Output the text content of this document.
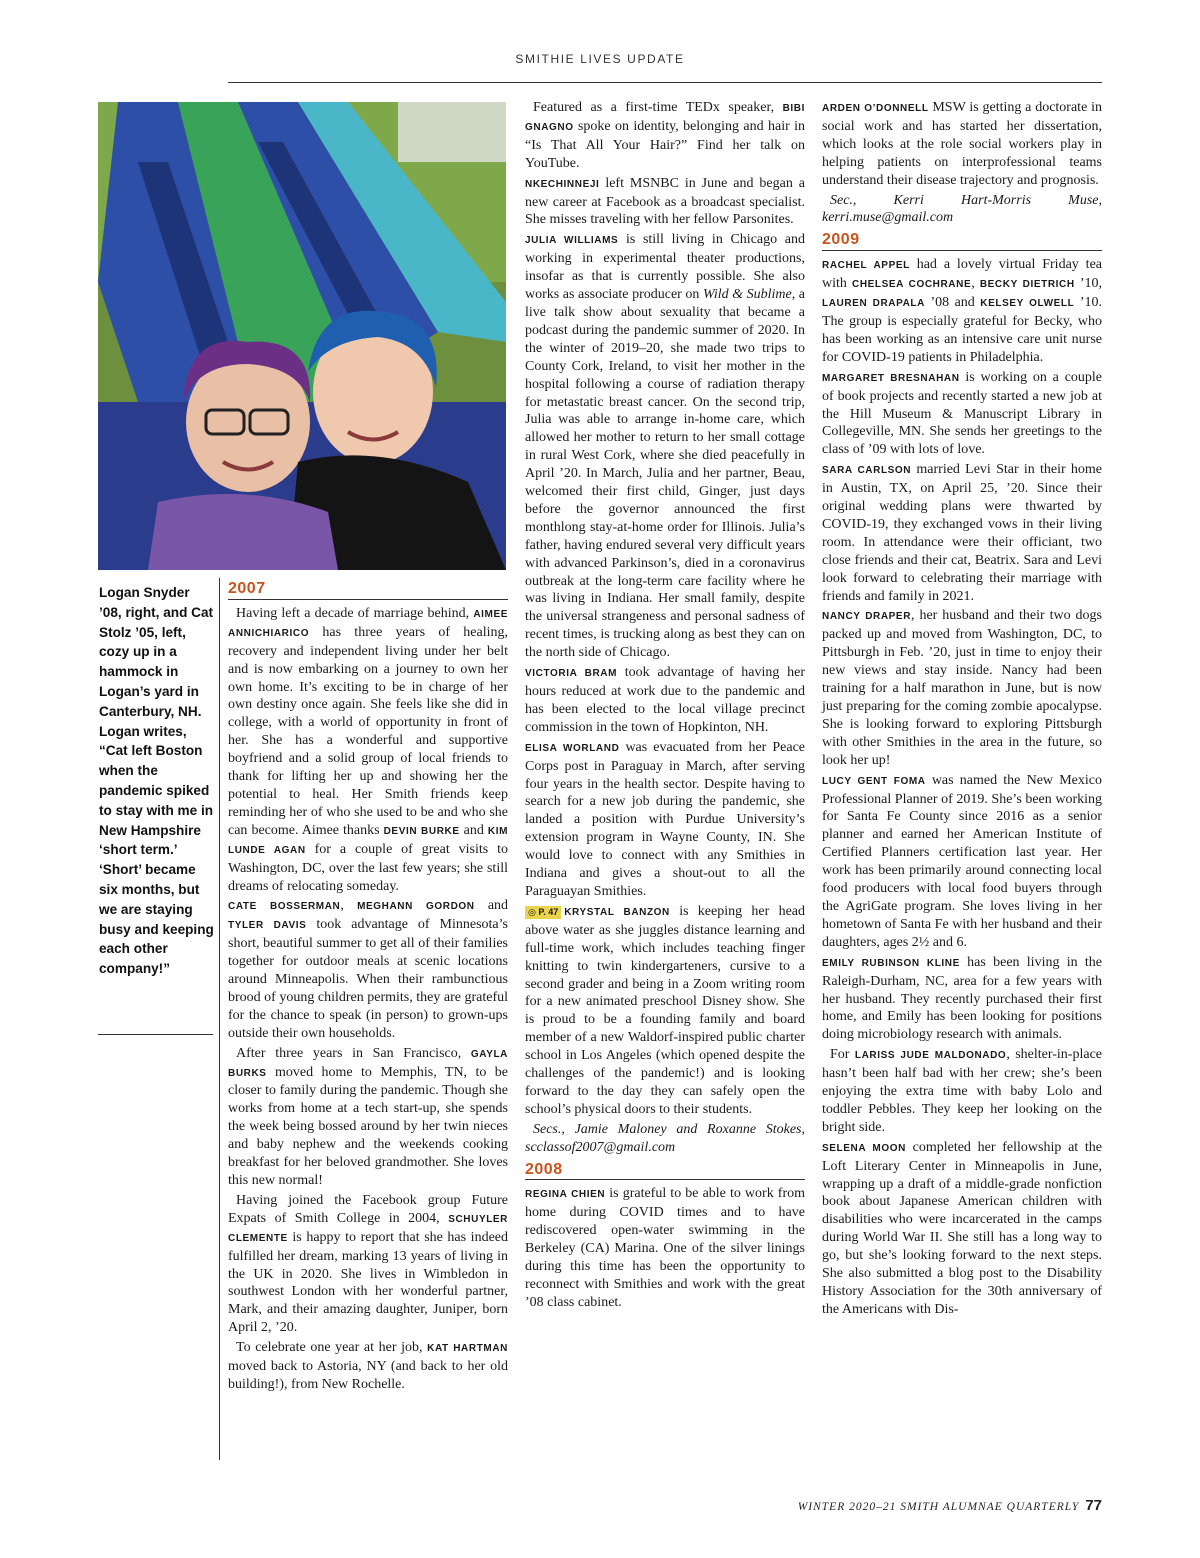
SMITHIE LIVES UPDATE
Logan Snyder ’08, right, and Cat Stolz ’05, left, cozy up in a hammock in Logan’s yard in Canterbury, NH. Logan writes, “Cat left Boston when the pandemic spiked to stay with me in New Hampshire ‘short term.’ ‘Short’ became six months, but we are staying busy and keeping each other company!”
2007

Having left a decade of marriage behind, AIMEE ANNICHIARICO has three years of healing, recovery and independent living under her belt and is now embarking on a journey to own her own home. It’s exciting to be in charge of her own destiny once again. She feels like she did in college, with a world of opportunity in front of her. She has a wonderful and supportive boyfriend and a solid group of local friends to thank for lifting her up and showing her the potential to heal. Her Smith friends keep reminding her of who she used to be and who she can become. Aimee thanks DEVIN BURKE and KIM LUNDE AGAN for a couple of great visits to Washington, DC, over the last few years; she still dreams of relocating someday.

CATE BOSSERMAN, MEGHANN GORDON and TYLER DAVIS took advantage of Minnesota’s short, beautiful summer to get all of their families together for outdoor meals at scenic locations around Minneapolis. When their rambunctious brood of young children permits, they are grateful for the chance to speak (in person) to grown-ups outside their own households.

After three years in San Francisco, GAYLA BURKS moved home to Memphis, TN, to be closer to family during the pandemic. Though she works from home at a tech start-up, she spends the week being bossed around by her twin nieces and baby nephew and the weekends cooking breakfast for her beloved grandmother. She loves this new normal!

Having joined the Facebook group Future Expats of Smith College in 2004, SCHUYLER CLEMENTE is happy to report that she has indeed fulfilled her dream, marking 13 years of living in the UK in 2020. She lives in Wimbledon in southwest London with her wonderful partner, Mark, and their amazing daughter, Juniper, born April 2, ’20.

To celebrate one year at her job, KAT HARTMAN moved back to Astoria, NY (and back to her old building!), from New Rochelle.

Featured as a first-time TEDx speaker, BIBI GNAGNO spoke on identity, belonging and hair in “Is That All Your Hair?” Find her talk on YouTube.

NKECHINNEJI left MSNBC in June and began a new career at Facebook as a broadcast specialist. She misses traveling with her fellow Parsonites.

JULIA WILLIAMS is still living in Chicago and working in experimental theater productions, insofar as that is currently possible. She also works as associate producer on Wild & Sublime, a live talk show about sexuality that became a podcast during the pandemic summer of 2020. In the winter of 2019–20, she made two trips to County Cork, Ireland, to visit her mother in the hospital following a course of radiation therapy for metastatic breast cancer. On the second trip, Julia was able to arrange in-home care, which allowed her mother to return to her small cottage in rural West Cork, where she died peacefully in April ’20. In March, Julia and her partner, Beau, welcomed their first child, Ginger, just days before the governor announced the first monthlong stay-at-home order for Illinois. Julia’s father, having endured several very difficult years with advanced Parkinson’s, died in a coronavirus outbreak at the long-term care facility where he was living in Indiana. Her small family, despite the universal strangeness and personal sadness of recent times, is trucking along as best they can on the north side of Chicago.

VICTORIA BRAM took advantage of having her hours reduced at work due to the pandemic and has been elected to the local village precinct commission in the town of Hopkinton, NH.

ELISA WORLAND was evacuated from her Peace Corps post in Paraguay in March, after serving four years in the health sector. Despite having to search for a new job during the pandemic, she landed a position with Purdue University’s extension program in Wayne County, IN. She would love to connect with any Smithies in Indiana and gives a shout-out to all the Paraguayan Smithies.

◎ P. 47 KRYSTAL BANZON is keeping her head above water as she juggles distance learning and full-time work, which includes teaching finger knitting to twin kindergarteners, cursive to a second grader and being in a Zoom writing room for a new animated preschool Disney show. She is proud to be a founding family and board member of a new Waldorf-inspired public charter school in Los Angeles (which opened despite the challenges of the pandemic!) and is looking forward to the day they can safely open the school’s physical doors to their students.

Secs., Jamie Maloney and Roxanne Stokes, scclassof2007@gmail.com

2008

REGINA CHIEN is grateful to be able to work from home during COVID times and to have rediscovered open-water swimming in the Berkeley (CA) Marina. One of the silver linings during this time has been the opportunity to reconnect with Smithies and work with the great ’08 class cabinet.

ARDEN O’DONNELL MSW is getting a doctorate in social work and has started her dissertation, which looks at the role social workers play in helping patients on interprofessional teams understand their disease trajectory and prognosis.

Sec., Kerri Hart-Morris Muse, kerri.muse@gmail.com

2009

RACHEL APPEL had a lovely virtual Friday tea with CHELSEA COCHRANE, BECKY DIETRICH ’10, LAUREN DRAPALA ’08 and KELSEY OLWELL ’10. The group is especially grateful for Becky, who has been working as an intensive care unit nurse for COVID-19 patients in Philadelphia.

MARGARET BRESNAHAN is working on a couple of book projects and recently started a new job at the Hill Museum & Manuscript Library in Collegeville, MN. She sends her greetings to the class of ’09 with lots of love.

SARA CARLSON married Levi Star in their home in Austin, TX, on April 25, ’20. Since their original wedding plans were thwarted by COVID-19, they exchanged vows in their living room. In attendance were their officiant, two close friends and their cat, Beatrix. Sara and Levi look forward to celebrating their marriage with friends and family in 2021.

NANCY DRAPER, her husband and their two dogs packed up and moved from Washington, DC, to Pittsburgh in Feb. ’20, just in time to enjoy their new views and stay inside. Nancy had been training for a half marathon in June, but is now just preparing for the coming zombie apocalypse. She is looking forward to exploring Pittsburgh with other Smithies in the area in the future, so look her up!

LUCY GENT FOMA was named the New Mexico Professional Planner of 2019. She’s been working for Santa Fe County since 2016 as a senior planner and earned her American Institute of Certified Planners certification last year. Her work has been primarily around connecting local food producers with local food buyers through the AgriGate program. She loves living in her hometown of Santa Fe with her husband and their daughters, ages 2½ and 6.

EMILY RUBINSON KLINE has been living in the Raleigh-Durham, NC, area for a few years with her husband. They recently purchased their first home, and Emily has been looking for positions doing microbiology research with animals.

For LARISS JUDE MALDONADO, shelter-in-place hasn’t been half bad with her crew; she’s been enjoying the extra time with baby Lolo and toddler Pebbles. They keep her looking on the bright side.

SELENA MOON completed her fellowship at the Loft Literary Center in Minneapolis in June, wrapping up a draft of a middle-grade nonfiction book about Japanese American children with disabilities who were incarcerated in the camps during World War II. She still has a long way to go, but she’s looking forward to the next steps. She also submitted a blog post to the Disability History Association for the 30th anniversary of the Americans with Dis-

WINTER 2020–21 SMITH ALUMNAE QUARTERLY 77
